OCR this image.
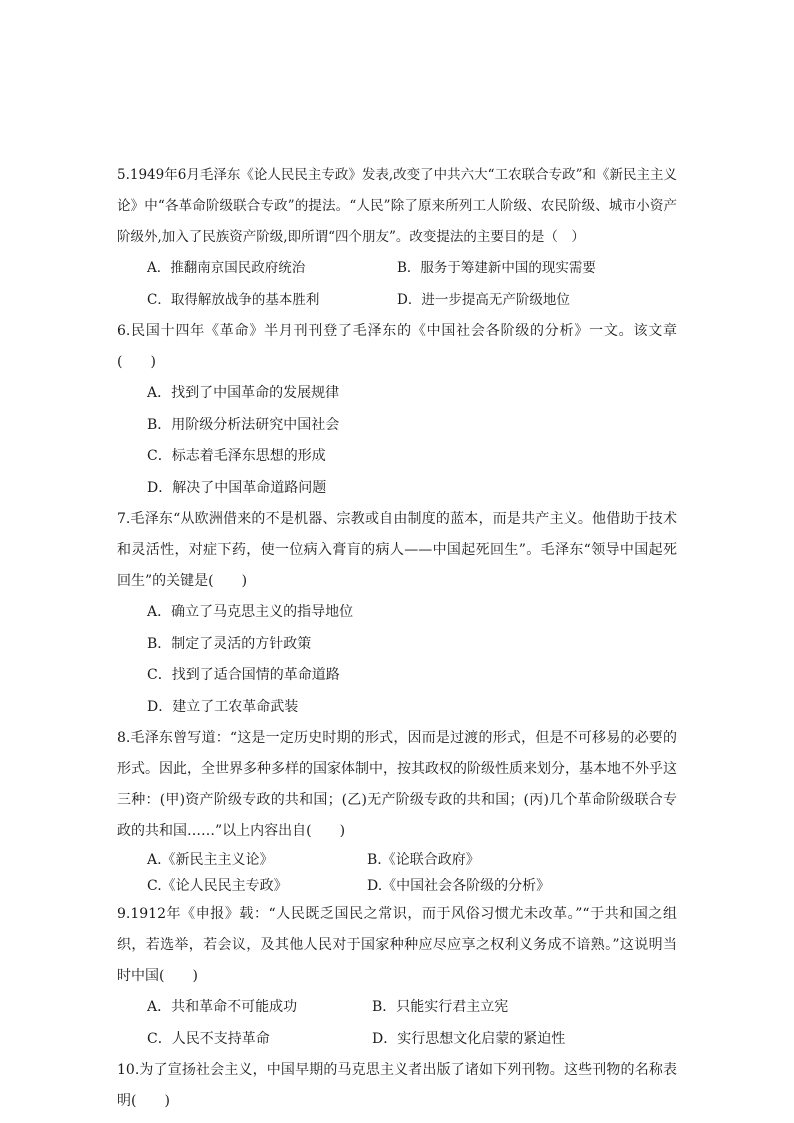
5.1949年6月毛泽东《论人民民主专政》发表,改变了中共六大“工农联合专政”和《新民主主义论》中“各革命阶级联合专政”的提法。“人民”除了原来所列工人阶级、农民阶级、城市小资产阶级外,加入了民族资产阶级,即所谓“四个朋友”。改变提法的主要目的是（　）

A．推翻南京国民政府统治	B．服务于筹建新中国的现实需要
C．取得解放战争的基本胜利	D．进一步提高无产阶级地位

6.民国十四年《革命》半月刊刊登了毛泽东的《中国社会各阶级的分析》一文。该文章(　　)

A．找到了中国革命的发展规律
B．用阶级分析法研究中国社会
C．标志着毛泽东思想的形成
D．解决了中国革命道路问题

7.毛泽东“从欧洲借来的不是机器、宗教或自由制度的蓝本，而是共产主义。他借助于技术和灵活性，对症下药，使一位病入膏肓的病人——中国起死回生”。毛泽东“领导中国起死回生”的关键是(　　)

A．确立了马克思主义的指导地位
B．制定了灵活的方针政策
C．找到了适合国情的革命道路
D．建立了工农革命武装

8.毛泽东曾写道：“这是一定历史时期的形式，因而是过渡的形式，但是不可移易的必要的形式。因此，全世界多种多样的国家体制中，按其政权的阶级性质来划分，基本地不外乎这三种：(甲)资产阶级专政的共和国；(乙)无产阶级专政的共和国；(丙)几个革命阶级联合专政的共和国……”以上内容出自(　　)

A.《新民主主义论》	B.《论联合政府》
C.《论人民民主专政》	D.《中国社会各阶级的分析》

9.1912年《申报》载：“人民既乏国民之常识，而于风俗习惯尤未改革。”“于共和国之组织，若选举，若会议，及其他人民对于国家种种应尽应享之权利义务成不谙熟。”这说明当时中国(　　)

A．共和革命不可能成功	B．只能实行君主立宪
C．人民不支持革命	D．实行思想文化启蒙的紧迫性

10.为了宣扬社会主义，中国早期的马克思主义者出版了诸如下列刊物。这些刊物的名称表明(　　)
